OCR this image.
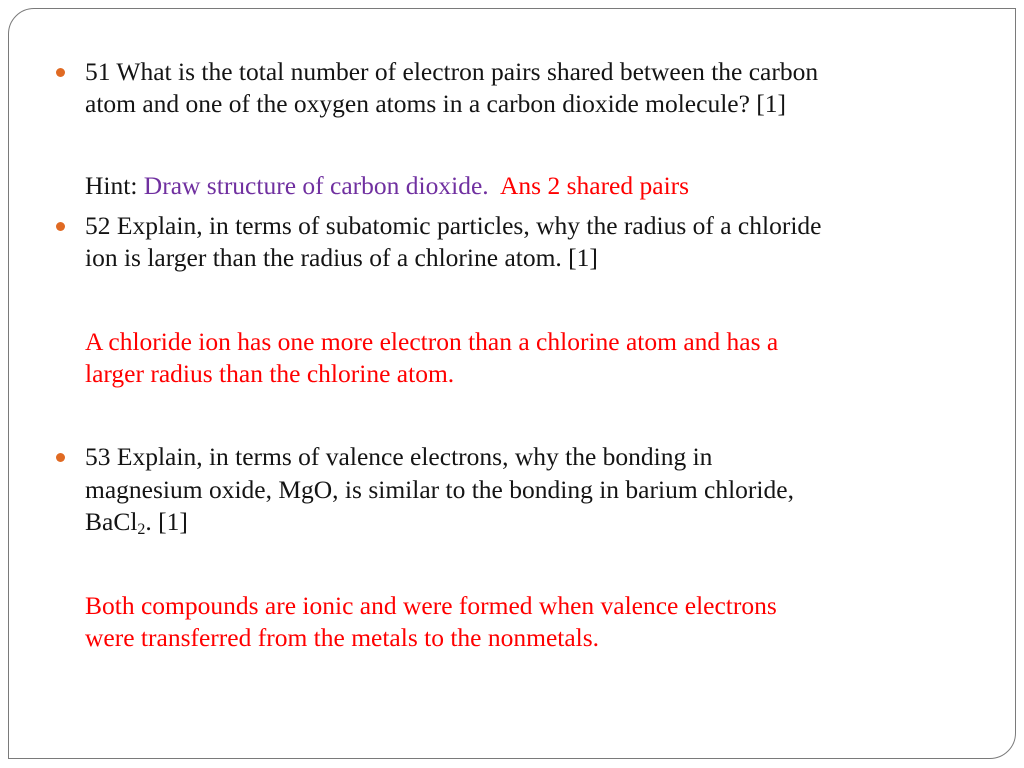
51 What is the total number of electron pairs shared between the carbon
atom and one of the oxygen atoms in a carbon dioxide molecule? [1]
Hint: Draw structure of carbon dioxide. Ans 2 shared pairs
52 Explain, in terms of subatomic particles, why the radius of a chloride
ion is larger than the radius of a chlorine atom. [1]
A chloride ion has one more electron than a chlorine atom and has a
larger radius than the chlorine atom.
53 Explain, in terms of valence electrons, why the bonding in
magnesium oxide, MgO, is similar to the bonding in barium chloride,
BaCl$_2$. [1]
Both compounds are ionic and were formed when valence electrons
were transferred from the metals to the nonmetals.
